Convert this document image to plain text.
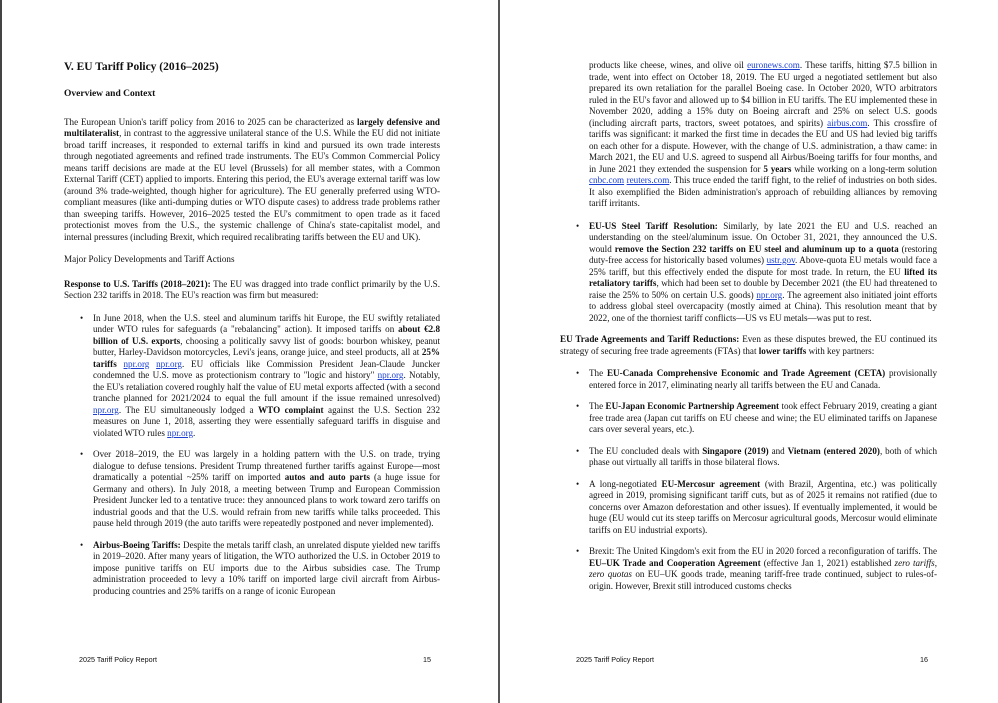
V. EU Tariff Policy (2016–2025)
Overview and Context

The European Union's tariff policy from 2016 to 2025 can be characterized as largely defensive and multilateralist, in contrast to the aggressive unilateral stance of the U.S. While the EU did not initiate broad tariff increases, it responded to external tariffs in kind and pursued its own trade interests through negotiated agreements and refined trade instruments. The EU's Common Commercial Policy means tariff decisions are made at the EU level (Brussels) for all member states, with a Common External Tariff (CET) applied to imports. Entering this period, the EU's average external tariff was low (around 3% trade-weighted, though higher for agriculture). The EU generally preferred using WTO-compliant measures (like anti-dumping duties or WTO dispute cases) to address trade problems rather than sweeping tariffs. However, 2016–2025 tested the EU's commitment to open trade as it faced protectionist moves from the U.S., the systemic challenge of China's state-capitalist model, and internal pressures (including Brexit, which required recalibrating tariffs between the EU and UK).

Major Policy Developments and Tariff Actions

Response to U.S. Tariffs (2018–2021): The EU was dragged into trade conflict primarily by the U.S. Section 232 tariffs in 2018. The EU's reaction was firm but measured:

• In June 2018, when the U.S. steel and aluminum tariffs hit Europe, the EU swiftly retaliated under WTO rules for safeguards (a "rebalancing" action). It imposed tariffs on about €2.8 billion of U.S. exports, choosing a politically savvy list of goods: bourbon whiskey, peanut butter, Harley-Davidson motorcycles, Levi's jeans, orange juice, and steel products, all at 25% tariffs npr.org npr.org. EU officials like Commission President Jean-Claude Juncker condemned the U.S. move as protectionism contrary to "logic and history" npr.org. Notably, the EU's retaliation covered roughly half the value of EU metal exports affected (with a second tranche planned for 2021/2024 to equal the full amount if the issue remained unresolved) npr.org. The EU simultaneously lodged a WTO complaint against the U.S. Section 232 measures on June 1, 2018, asserting they were essentially safeguard tariffs in disguise and violated WTO rules npr.org.
• Over 2018–2019, the EU was largely in a holding pattern with the U.S. on trade, trying dialogue to defuse tensions. President Trump threatened further tariffs against Europe—most dramatically a potential ~25% tariff on imported autos and auto parts (a huge issue for Germany and others). In July 2018, a meeting between Trump and European Commission President Juncker led to a tentative truce: they announced plans to work toward zero tariffs on industrial goods and that the U.S. would refrain from new tariffs while talks proceeded. This pause held through 2019 (the auto tariffs were repeatedly postponed and never implemented).
• Airbus-Boeing Tariffs: Despite the metals tariff clash, an unrelated dispute yielded new tariffs in 2019–2020. After many years of litigation, the WTO authorized the U.S. in October 2019 to impose punitive tariffs on EU imports due to the Airbus subsidies case. The Trump administration proceeded to levy a 10% tariff on imported large civil aircraft from Airbus-producing countries and 25% tariffs on a range of iconic European
2025 Tariff Policy Report	15

products like cheese, wines, and olive oil euronews.com. These tariffs, hitting $7.5 billion in trade, went into effect on October 18, 2019. The EU urged a negotiated settlement but also prepared its own retaliation for the parallel Boeing case. In October 2020, WTO arbitrators ruled in the EU's favor and allowed up to $4 billion in EU tariffs. The EU implemented these in November 2020, adding a 15% duty on Boeing aircraft and 25% on select U.S. goods (including aircraft parts, tractors, sweet potatoes, and spirits) airbus.com. This crossfire of tariffs was significant: it marked the first time in decades the EU and US had levied big tariffs on each other for a dispute. However, with the change of U.S. administration, a thaw came: in March 2021, the EU and U.S. agreed to suspend all Airbus/Boeing tariffs for four months, and in June 2021 they extended the suspension for 5 years while working on a long-term solution cnbc.com reuters.com. This truce ended the tariff fight, to the relief of industries on both sides. It also exemplified the Biden administration's approach of rebuilding alliances by removing tariff irritants.

• EU-US Steel Tariff Resolution: Similarly, by late 2021 the EU and U.S. reached an understanding on the steel/aluminum issue. On October 31, 2021, they announced the U.S. would remove the Section 232 tariffs on EU steel and aluminum up to a quota (restoring duty-free access for historically based volumes) ustr.gov. Above-quota EU metals would face a 25% tariff, but this effectively ended the dispute for most trade. In return, the EU lifted its retaliatory tariffs, which had been set to double by December 2021 (the EU had threatened to raise the 25% to 50% on certain U.S. goods) npr.org. The agreement also initiated joint efforts to address global steel overcapacity (mostly aimed at China). This resolution meant that by 2022, one of the thorniest tariff conflicts—US vs EU metals—was put to rest.

EU Trade Agreements and Tariff Reductions: Even as these disputes brewed, the EU continued its strategy of securing free trade agreements (FTAs) that lower tariffs with key partners:

• The EU-Canada Comprehensive Economic and Trade Agreement (CETA) provisionally entered force in 2017, eliminating nearly all tariffs between the EU and Canada.
• The EU-Japan Economic Partnership Agreement took effect February 2019, creating a giant free trade area (Japan cut tariffs on EU cheese and wine; the EU eliminated tariffs on Japanese cars over several years, etc.).
• The EU concluded deals with Singapore (2019) and Vietnam (entered 2020), both of which phase out virtually all tariffs in those bilateral flows.
• A long-negotiated EU-Mercosur agreement (with Brazil, Argentina, etc.) was politically agreed in 2019, promising significant tariff cuts, but as of 2025 it remains not ratified (due to concerns over Amazon deforestation and other issues). If eventually implemented, it would be huge (EU would cut its steep tariffs on Mercosur agricultural goods, Mercosur would eliminate tariffs on EU industrial exports).
• Brexit: The United Kingdom's exit from the EU in 2020 forced a reconfiguration of tariffs. The EU–UK Trade and Cooperation Agreement (effective Jan 1, 2021) established zero tariffs, zero quotas on EU–UK goods trade, meaning tariff-free trade continued, subject to rules-of-origin. However, Brexit still introduced customs checks
2025 Tariff Policy Report	16
